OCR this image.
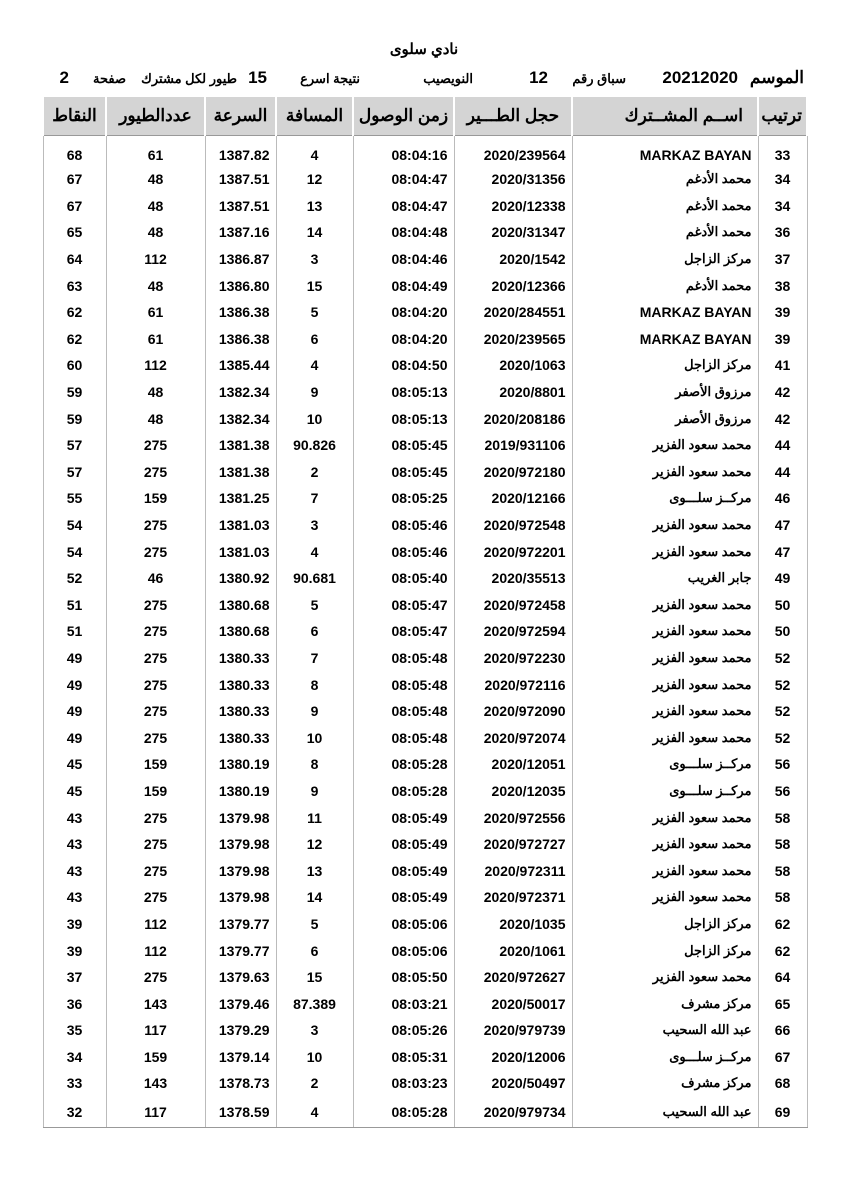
نادي سلوى
الموسم
20212020
سباق رقم
12
النويصيب
نتيجة اسرع
15
طيور لكل مشترك
صفحة
2
ترتيب	اســم المشــترك	حجل الطـــير	زمن الوصول	المسافة	السرعة	عددالطيور	النقاط
33	MARKAZ BAYAN	2020/239564	08:04:16	4	1387.82	61	68
34	محمد الأدغم	2020/31356	08:04:47	12	1387.51	48	67
34	محمد الأدغم	2020/12338	08:04:47	13	1387.51	48	67
36	محمد الأدغم	2020/31347	08:04:48	14	1387.16	48	65
37	مركز الزاجل	2020/1542	08:04:46	3	1386.87	112	64
38	محمد الأدغم	2020/12366	08:04:49	15	1386.80	48	63
39	MARKAZ BAYAN	2020/284551	08:04:20	5	1386.38	61	62
39	MARKAZ BAYAN	2020/239565	08:04:20	6	1386.38	61	62
41	مركز الزاجل	2020/1063	08:04:50	4	1385.44	112	60
42	مرزوق الأصفر	2020/8801	08:05:13	9	1382.34	48	59
42	مرزوق الأصفر	2020/208186	08:05:13	10	1382.34	48	59
44	محمد سعود الفزير	2019/931106	08:05:45	90.826	1381.38	275	57
44	محمد سعود الفزير	2020/972180	08:05:45	2	1381.38	275	57
46	مركــز سلـــوى	2020/12166	08:05:25	7	1381.25	159	55
47	محمد سعود الفزير	2020/972548	08:05:46	3	1381.03	275	54
47	محمد سعود الفزير	2020/972201	08:05:46	4	1381.03	275	54
49	جابر الغريب	2020/35513	08:05:40	90.681	1380.92	46	52
50	محمد سعود الفزير	2020/972458	08:05:47	5	1380.68	275	51
50	محمد سعود الفزير	2020/972594	08:05:47	6	1380.68	275	51
52	محمد سعود الفزير	2020/972230	08:05:48	7	1380.33	275	49
52	محمد سعود الفزير	2020/972116	08:05:48	8	1380.33	275	49
52	محمد سعود الفزير	2020/972090	08:05:48	9	1380.33	275	49
52	محمد سعود الفزير	2020/972074	08:05:48	10	1380.33	275	49
56	مركــز سلـــوى	2020/12051	08:05:28	8	1380.19	159	45
56	مركــز سلـــوى	2020/12035	08:05:28	9	1380.19	159	45
58	محمد سعود الفزير	2020/972556	08:05:49	11	1379.98	275	43
58	محمد سعود الفزير	2020/972727	08:05:49	12	1379.98	275	43
58	محمد سعود الفزير	2020/972311	08:05:49	13	1379.98	275	43
58	محمد سعود الفزير	2020/972371	08:05:49	14	1379.98	275	43
62	مركز الزاجل	2020/1035	08:05:06	5	1379.77	112	39
62	مركز الزاجل	2020/1061	08:05:06	6	1379.77	112	39
64	محمد سعود الفزير	2020/972627	08:05:50	15	1379.63	275	37
65	مركز مشرف	2020/50017	08:03:21	87.389	1379.46	143	36
66	عبد الله السحيب	2020/979739	08:05:26	3	1379.29	117	35
67	مركــز سلـــوى	2020/12006	08:05:31	10	1379.14	159	34
68	مركز مشرف	2020/50497	08:03:23	2	1378.73	143	33
69	عبد الله السحيب	2020/979734	08:05:28	4	1378.59	117	32
